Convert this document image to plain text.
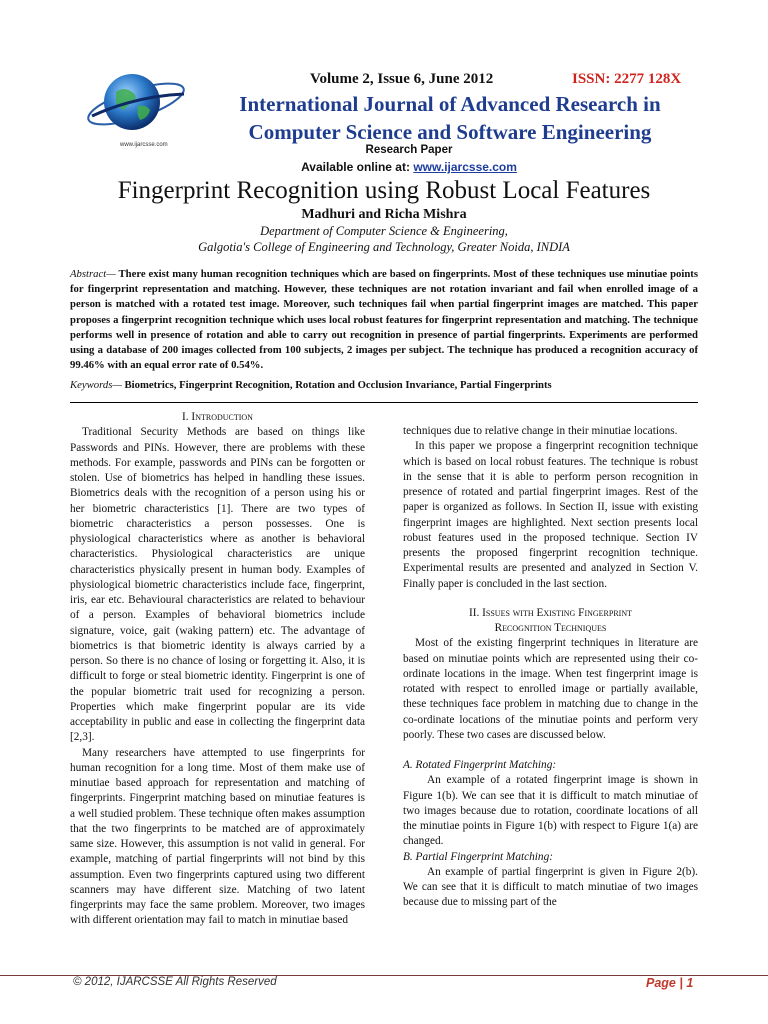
www.ijarcsse.com
Volume 2, Issue 6, June 2012	ISSN: 2277 128X
International Journal of Advanced Research in
Computer Science and Software Engineering
Research Paper
Available online at: www.ijarcsse.com
Fingerprint Recognition using Robust Local Features
Madhuri and Richa Mishra
Department of Computer Science & Engineering,
Galgotia's College of Engineering and Technology, Greater Noida, INDIA
Abstract— There exist many human recognition techniques which are based on fingerprints. Most of these techniques use minutiae points for fingerprint representation and matching. However, these techniques are not rotation invariant and fail when enrolled image of a person is matched with a rotated test image. Moreover, such techniques fail when partial fingerprint images are matched. This paper proposes a fingerprint recognition technique which uses local robust features for fingerprint representation and matching. The technique performs well in presence of rotation and able to carry out recognition in presence of partial fingerprints. Experiments are performed using a database of 200 images collected from 100 subjects, 2 images per subject. The technique has produced a recognition accuracy of 99.46% with an equal error rate of 0.54%.
Keywords— Biometrics, Fingerprint Recognition, Rotation and Occlusion Invariance, Partial Fingerprints

I. Introduction

Traditional Security Methods are based on things like Passwords and PINs. However, there are problems with these methods. For example, passwords and PINs can be forgotten or stolen. Use of biometrics has helped in handling these issues. Biometrics deals with the recognition of a person using his or her biometric characteristics [1]. There are two types of biometric characteristics a person possesses. One is physiological characteristics where as another is behavioral characteristics. Physiological characteristics are unique characteristics physically present in human body. Examples of physiological biometric characteristics include face, fingerprint, iris, ear etc. Behavioural characteristics are related to behaviour of a person. Examples of behavioral biometrics include signature, voice, gait (waking pattern) etc. The advantage of biometrics is that biometric identity is always carried by a person. So there is no chance of losing or forgetting it. Also, it is difficult to forge or steal biometric identity. Fingerprint is one of the popular biometric trait used for recognizing a person. Properties which make fingerprint popular are its vide acceptability in public and ease in collecting the fingerprint data [2,3].

Many researchers have attempted to use fingerprints for human recognition for a long time. Most of them make use of minutiae based approach for representation and matching of fingerprints. Fingerprint matching based on minutiae features is a well studied problem. These technique often makes assumption that the two fingerprints to be matched are of approximately same size. However, this assumption is not valid in general. For example, matching of partial fingerprints will not bind by this assumption. Even two fingerprints captured using two different scanners may have different size. Matching of two latent fingerprints may face the same problem. Moreover, two images with different orientation may fail to match in minutiae based

techniques due to relative change in their minutiae locations.

In this paper we propose a fingerprint recognition technique which is based on local robust features. The technique is robust in the sense that it is able to perform person recognition in presence of rotated and partial fingerprint images. Rest of the paper is organized as follows. In Section II, issue with existing fingerprint images are highlighted. Next section presents local robust features used in the proposed technique. Section IV presents the proposed fingerprint recognition technique. Experimental results are presented and analyzed in Section V. Finally paper is concluded in the last section.

II. Issues with Existing Fingerprint

Recognition Techniques

Most of the existing fingerprint techniques in literature are based on minutiae points which are represented using their co-ordinate locations in the image. When test fingerprint image is rotated with respect to enrolled image or partially available, these techniques face problem in matching due to change in the co-ordinate locations of the minutiae points and perform very poorly. These two cases are discussed below.

A. Rotated Fingerprint Matching:

An example of a rotated fingerprint image is shown in Figure 1(b). We can see that it is difficult to match minutiae of two images because due to rotation, coordinate locations of all the minutiae points in Figure 1(b) with respect to Figure 1(a) are changed.

B. Partial Fingerprint Matching:

An example of partial fingerprint is given in Figure 2(b). We can see that it is difficult to match minutiae of two images because due to missing part of the

© 2012, IJARCSSE All Rights Reserved	Page | 1
